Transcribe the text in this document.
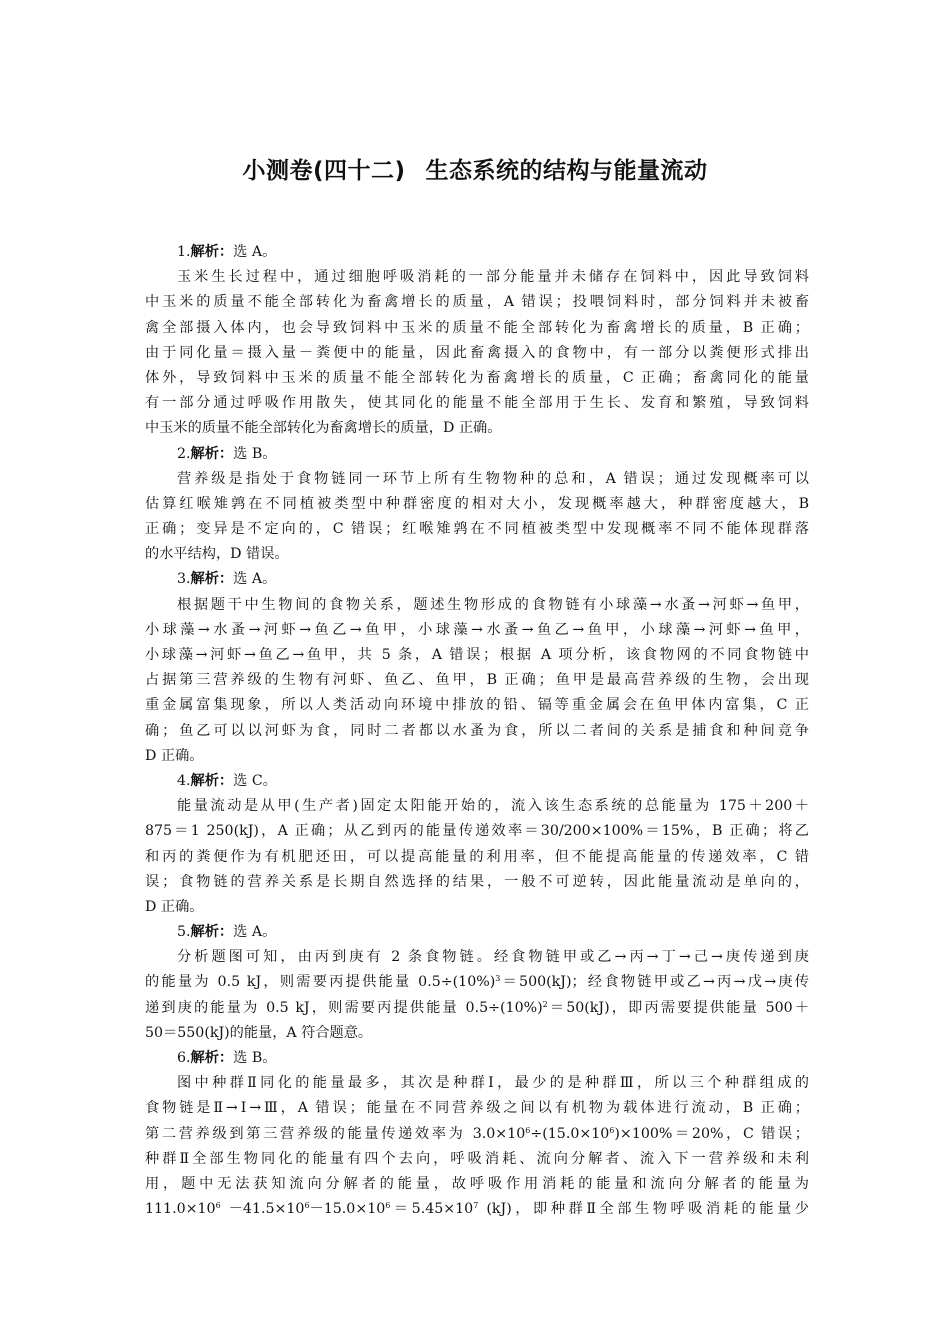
小测卷(四十二) 生态系统的结构与能量流动
1.解析：选 A。
玉米生长过程中，通过细胞呼吸消耗的一部分能量并未储存在饲料中，因此导致饲料
中玉米的质量不能全部转化为畜禽增长的质量，A 错误；投喂饲料时，部分饲料并未被畜
禽全部摄入体内，也会导致饲料中玉米的质量不能全部转化为畜禽增长的质量，B 正确；
由于同化量＝摄入量－粪便中的能量，因此畜禽摄入的食物中，有一部分以粪便形式排出
体外，导致饲料中玉米的质量不能全部转化为畜禽增长的质量，C 正确；畜禽同化的能量
有一部分通过呼吸作用散失，使其同化的能量不能全部用于生长、发育和繁殖，导致饲料
中玉米的质量不能全部转化为畜禽增长的质量，D 正确。
2.解析：选 B。
营养级是指处于食物链同一环节上所有生物物种的总和，A 错误；通过发现概率可以
估算红喉雉鹑在不同植被类型中种群密度的相对大小，发现概率越大，种群密度越大，B
正确；变异是不定向的，C 错误；红喉雉鹑在不同植被类型中发现概率不同不能体现群落
的水平结构，D 错误。
3.解析：选 A。
根据题干中生物间的食物关系，题述生物形成的食物链有小球藻→水蚤→河虾→鱼甲，
小球藻→水蚤→河虾→鱼乙→鱼甲，小球藻→水蚤→鱼乙→鱼甲，小球藻→河虾→鱼甲，
小球藻→河虾→鱼乙→鱼甲，共 5 条，A 错误；根据 A 项分析，该食物网的不同食物链中
占据第三营养级的生物有河虾、鱼乙、鱼甲，B 正确；鱼甲是最高营养级的生物，会出现
重金属富集现象，所以人类活动向环境中排放的铅、镉等重金属会在鱼甲体内富集，C 正
确；鱼乙可以以河虾为食，同时二者都以水蚤为食，所以二者间的关系是捕食和种间竞争
D 正确。
4.解析：选 C。
能量流动是从甲(生产者)固定太阳能开始的，流入该生态系统的总能量为 175＋200＋
875＝1 250(kJ)，A 正确；从乙到丙的能量传递效率＝30/200×100%＝15%，B 正确；将乙
和丙的粪便作为有机肥还田，可以提高能量的利用率，但不能提高能量的传递效率，C 错
误；食物链的营养关系是长期自然选择的结果，一般不可逆转，因此能量流动是单向的，
D 正确。
5.解析：选 A。
分析题图可知，由丙到庚有 2 条食物链。经食物链甲或乙→丙→丁→己→庚传递到庚
的能量为 0.5 kJ，则需要丙提供能量 $0.5\div(10\%)^3=500(kJ)$；经食物链甲或乙→丙→戊→庚传
递到庚的能量为 0.5 kJ，则需要丙提供能量 $0.5\div(10\%)^2=50(kJ)$，即丙需要提供能量 500＋
50＝550(kJ)的能量，A 符合题意。
6.解析：选 B。
图中种群Ⅱ同化的能量最多，其次是种群Ⅰ，最少的是种群Ⅲ，所以三个种群组成的
食物链是Ⅱ→Ⅰ→Ⅲ，A 错误；能量在不同营养级之间以有机物为载体进行流动，B 正确；
第二营养级到第三营养级的能量传递效率为 $3.0\times 10^6\div(15.0\times 10^6)\times 100\%=20\%$，C 错误；
种群Ⅱ全部生物同化的能量有四个去向，呼吸消耗、流向分解者、流入下一营养级和未利
用，题中无法获知流向分解者的能量，故呼吸作用消耗的能量和流向分解者的能量为
$111.0\times 10^6 -41.5\times 10^6-15.0\times 10^6=5.45\times 10^7$ (kJ)，即种群Ⅱ全部生物呼吸消耗的能量少
